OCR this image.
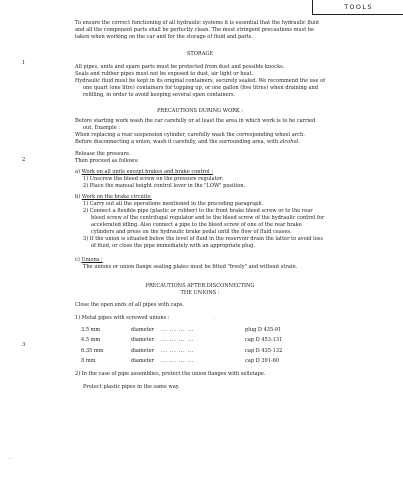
TOOLS
1
2
3
·
· ·

To ensure the correct functioning of all hydraulic systems it is essential that the hydraulic fluid and all the component parts shall be perfectly clean. The most stringent precautions must be taken when working on the car and for the storage of fluid and parts.

STORAGE

All pipes, units and spare parts must be protected from dust and possible knocks.

Seals and rubber pipes must not be exposed to dust, air light or heat.

Hydraulic fluid must be kept in its original containers, securely sealed. We recommend the use of one quart (one litre) containers for topping up, or one gallon (five litres) when draining and refilling, in order to avoid keeping several open containers.

PRECAUTIONS DURING WORK :

Before starting work wash the car carefully or at least the area in which work is to be carried out. Example :

When replacing a rear suspension cylinder, carefully wash the corresponding wheel arch.

Before disconnecting a union, wash it carefully, and the surrounding area, with alcohol.

Release the pressure.

Then proceed as follows:

a) Work on all units except brakes and brake control :

1) Unscrew the bleed screw on the pressure regulator.

2) Place the manual height control lever in the "LOW" position.

b) Work on the brake circuits:

1) Carry out all the operations mentioned in the preceding paragraph.

2) Connect a flexible pipe (plastic or rubber) to the front brake bleed screw or to the rear bleed screw of the centrifugal regulator and to the bleed screw of the hydraulic control for accelerated idling. Also connect a pipe to the bleed screw of one of the rear brake cylinders and press on the hydraulic brake pedal until the flow of fluid ceases.

3) If the union is situated below the level of fluid in the reservoir drain the latter to avoid loss of fluid, or close the pipe immediately with an appropriate plug.

c) Unions :

The unions or union flange sealing plates must be fitted "freely" and without strain.

PRECAUTIONS AFTER DISCONNECTING

THE UNIONS :

Close the open ends of all pipes with caps.

1) Metal pipes with screwed unions :

3.5 mm	diameter	... ... ... ...	plug D 435-91
4.5 mm	diameter	... ... ... ...	cap D 453-131
6.35 mm	diameter	... ... ... ...	cap D 435-132
8 mm	diameter	... ... ... ...	cap D 391-60

2) In the case of pipe assemblies, protect the union flanges with sellotape.

Protect plastic pipes in the same way.
